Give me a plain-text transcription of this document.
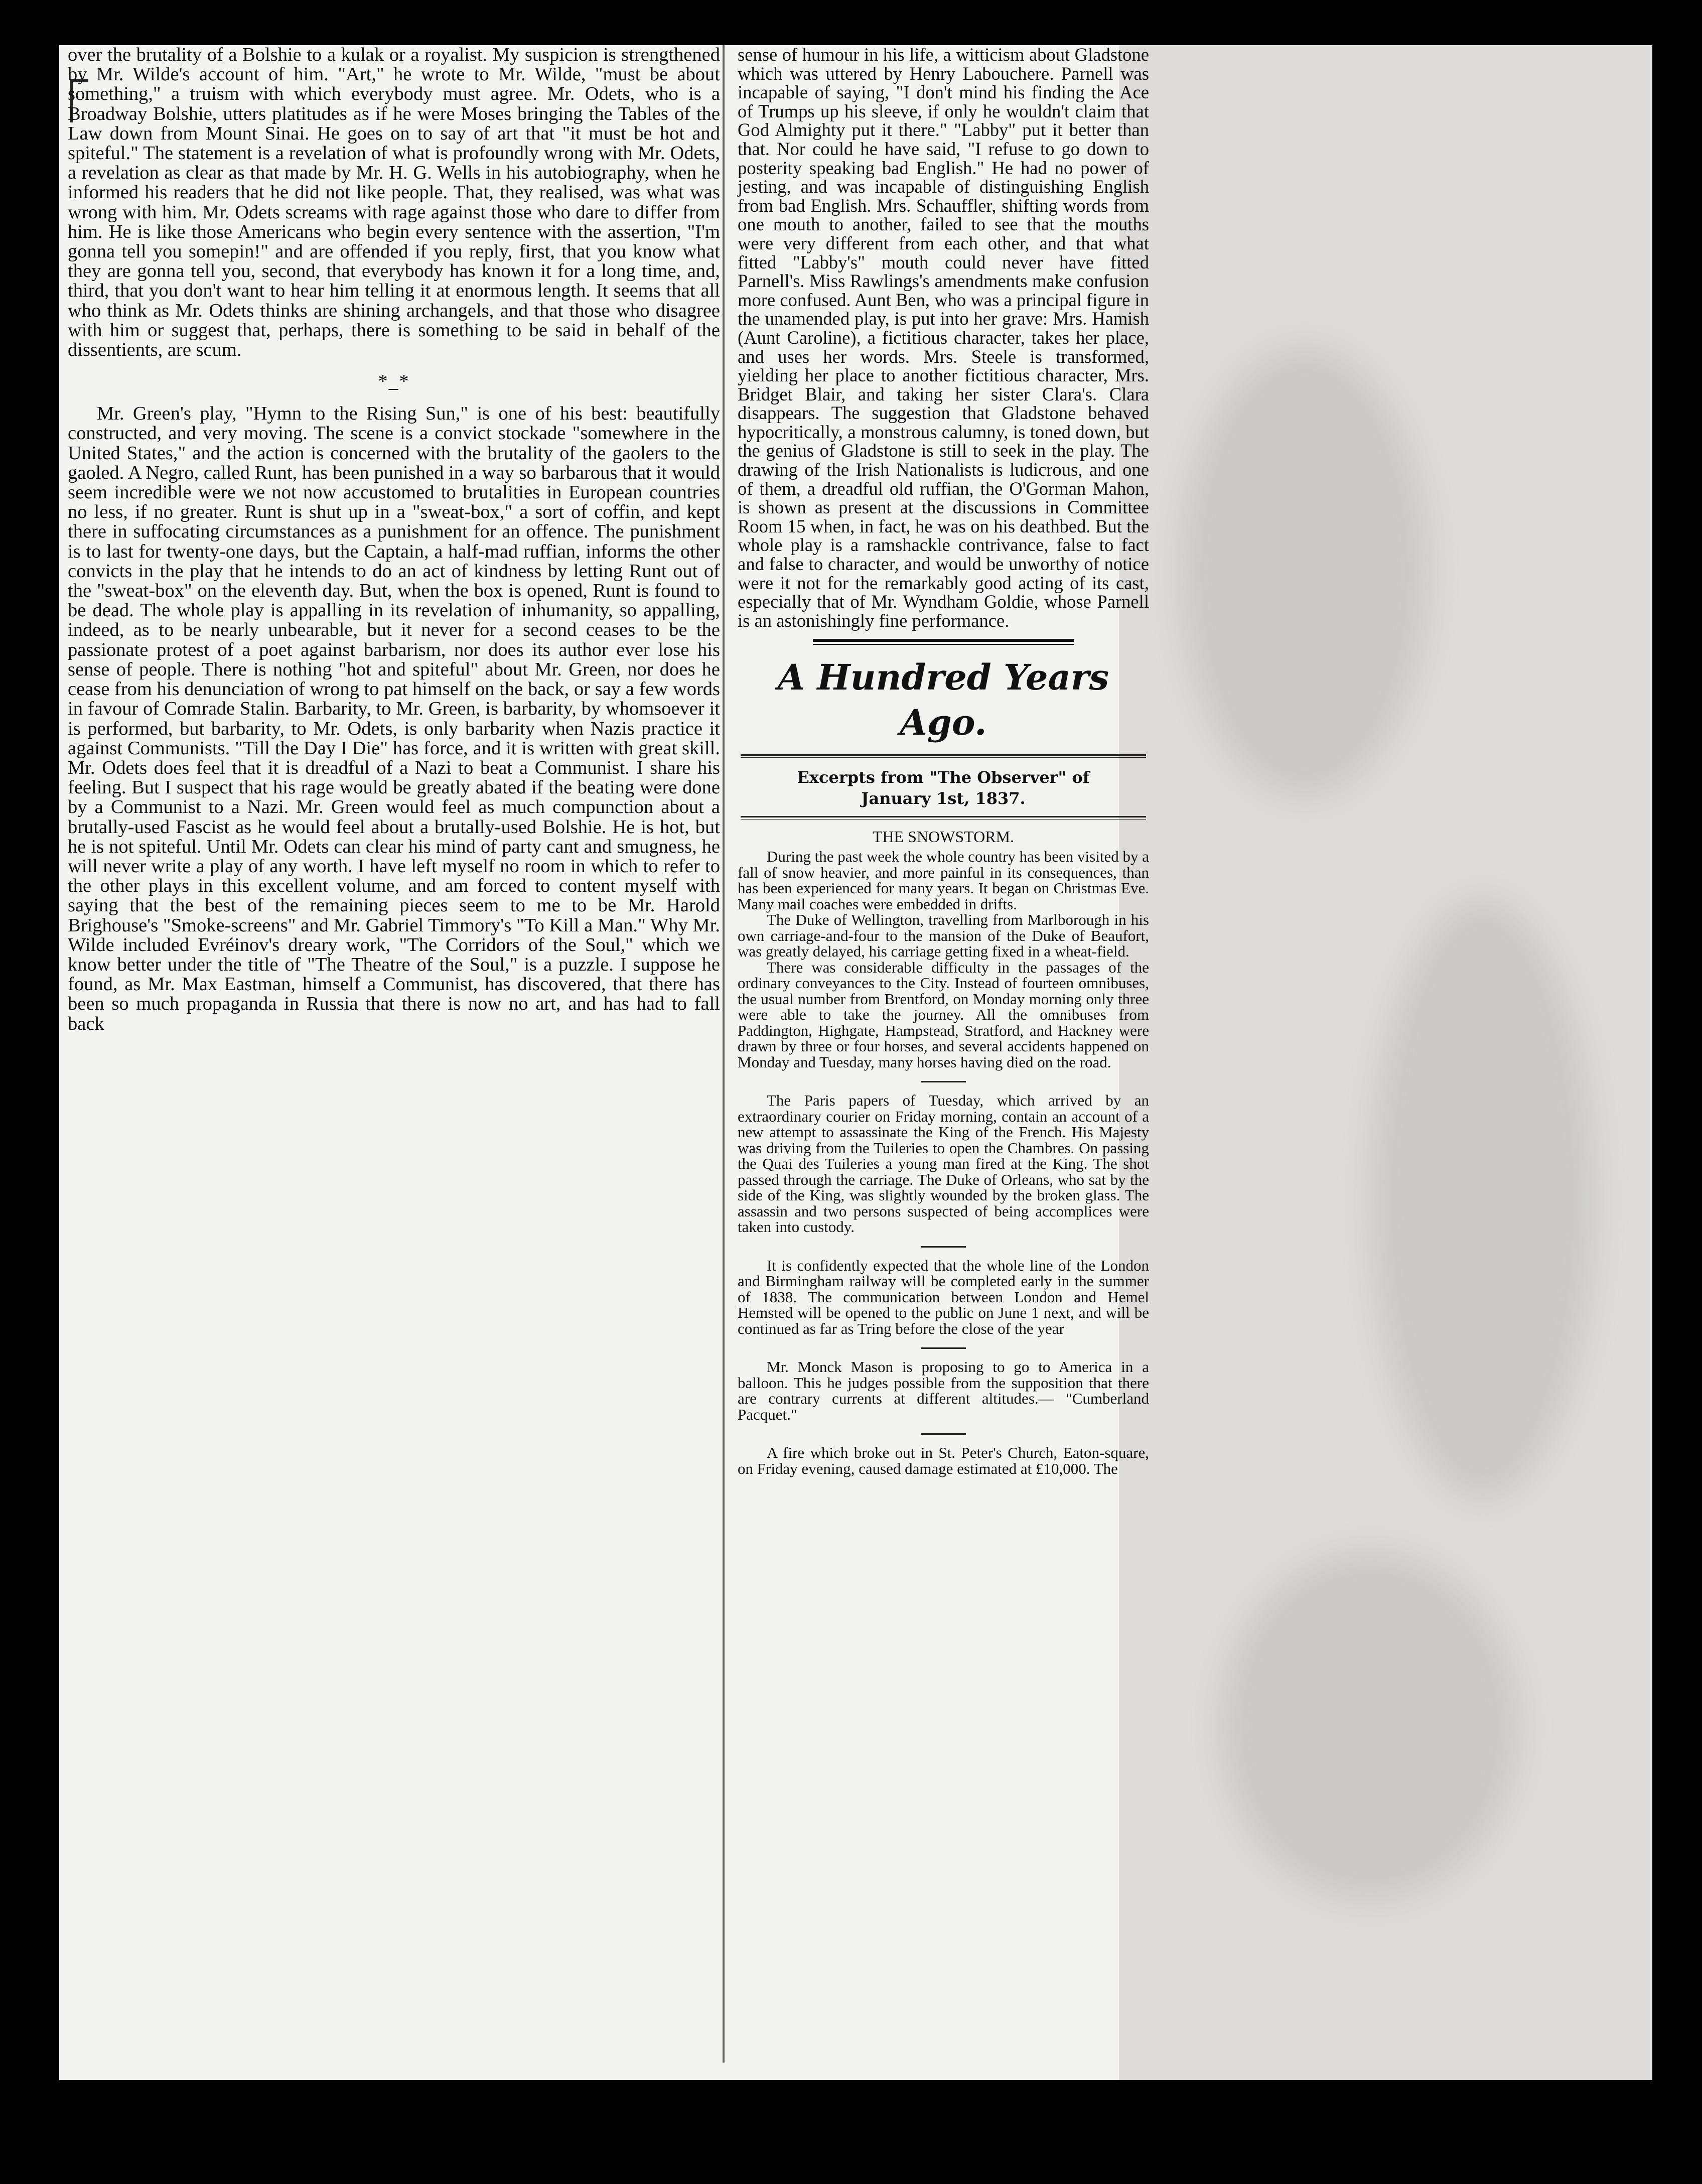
over the brutality of a Bolshie to a kulak or a royalist. My suspicion is strengthened by Mr. Wilde's account of him. "Art," he wrote to Mr. Wilde, "must be about something," a truism with which everybody must agree. Mr. Odets, who is a Broadway Bolshie, utters platitudes as if he were Moses bringing the Tables of the Law down from Mount Sinai. He goes on to say of art that "it must be hot and spiteful." The statement is a revelation of what is profoundly wrong with Mr. Odets, a revelation as clear as that made by Mr. H. G. Wells in his autobiography, when he informed his readers that he did not like people. That, they realised, was what was wrong with him. Mr. Odets screams with rage against those who dare to differ from him. He is like those Americans who begin every sentence with the assertion, "I'm gonna tell you somepin!" and are offended if you reply, first, that you know what they are gonna tell you, second, that everybody has known it for a long time, and, third, that you don't want to hear him telling it at enormous length. It seems that all who think as Mr. Odets thinks are shining archangels, and that those who disagree with him or suggest that, perhaps, there is something to be said in behalf of the dissentients, are scum.

*_*

Mr. Green's play, "Hymn to the Rising Sun," is one of his best: beautifully constructed, and very moving. The scene is a convict stockade "somewhere in the United States," and the action is concerned with the brutality of the gaolers to the gaoled. A Negro, called Runt, has been punished in a way so barbarous that it would seem incredible were we not now accustomed to brutalities in European countries no less, if no greater. Runt is shut up in a "sweat-box," a sort of coffin, and kept there in suffocating circumstances as a punishment for an offence. The punishment is to last for twenty-one days, but the Captain, a half-mad ruffian, informs the other convicts in the play that he intends to do an act of kindness by letting Runt out of the "sweat-box" on the eleventh day. But, when the box is opened, Runt is found to be dead. The whole play is appalling in its revelation of inhumanity, so appalling, indeed, as to be nearly unbearable, but it never for a second ceases to be the passionate protest of a poet against barbarism, nor does its author ever lose his sense of people. There is nothing "hot and spiteful" about Mr. Green, nor does he cease from his denunciation of wrong to pat himself on the back, or say a few words in favour of Comrade Stalin. Barbarity, to Mr. Green, is barbarity, by whomsoever it is performed, but barbarity, to Mr. Odets, is only barbarity when Nazis practice it against Communists. "Till the Day I Die" has force, and it is written with great skill. Mr. Odets does feel that it is dreadful of a Nazi to beat a Communist. I share his feeling. But I suspect that his rage would be greatly abated if the beating were done by a Communist to a Nazi. Mr. Green would feel as much compunction about a brutally-used Fascist as he would feel about a brutally-used Bolshie. He is hot, but he is not spiteful. Until Mr. Odets can clear his mind of party cant and smugness, he will never write a play of any worth. I have left myself no room in which to refer to the other plays in this excellent volume, and am forced to content myself with saying that the best of the remaining pieces seem to me to be Mr. Harold Brighouse's "Smoke-screens" and Mr. Gabriel Timmory's "To Kill a Man." Why Mr. Wilde included Evréinov's dreary work, "The Corridors of the Soul," which we know better under the title of "The Theatre of the Soul," is a puzzle. I suppose he found, as Mr. Max Eastman, himself a Communist, has discovered, that there has been so much propaganda in Russia that there is now no art, and has had to fall back

sense of humour in his life, a witticism about Gladstone which was uttered by Henry Labouchere. Parnell was incapable of saying, "I don't mind his finding the Ace of Trumps up his sleeve, if only he wouldn't claim that God Almighty put it there." "Labby" put it better than that. Nor could he have said, "I refuse to go down to posterity speaking bad English." He had no power of jesting, and was incapable of distinguishing English from bad English. Mrs. Schauffler, shifting words from one mouth to another, failed to see that the mouths were very different from each other, and that what fitted "Labby's" mouth could never have fitted Parnell's. Miss Rawlings's amendments make confusion more confused. Aunt Ben, who was a principal figure in the unamended play, is put into her grave: Mrs. Hamish (Aunt Caroline), a fictitious character, takes her place, and uses her words. Mrs. Steele is transformed, yielding her place to another fictitious character, Mrs. Bridget Blair, and taking her sister Clara's. Clara disappears. The suggestion that Gladstone behaved hypocritically, a monstrous calumny, is toned down, but the genius of Gladstone is still to seek in the play. The drawing of the Irish Nationalists is ludicrous, and one of them, a dreadful old ruffian, the O'Gorman Mahon, is shown as present at the discussions in Committee Room 15 when, in fact, he was on his deathbed. But the whole play is a ramshackle contrivance, false to fact and false to character, and would be unworthy of notice were it not for the remarkably good acting of its cast, especially that of Mr. Wyndham Goldie, whose Parnell is an astonishingly fine performance.

A Hundred Years Ago.
Excerpts from "The Observer" of
January 1st, 1837.

THE SNOWSTORM.

During the past week the whole country has been visited by a fall of snow heavier, and more painful in its consequences, than has been experienced for many years. It began on Christmas Eve. Many mail coaches were embedded in drifts.

The Duke of Wellington, travelling from Marlborough in his own carriage-and-four to the mansion of the Duke of Beaufort, was greatly delayed, his carriage getting fixed in a wheat-field.

There was considerable difficulty in the passages of the ordinary conveyances to the City. Instead of fourteen omnibuses, the usual number from Brentford, on Monday morning only three were able to take the journey. All the omnibuses from Paddington, Highgate, Hampstead, Stratford, and Hackney were drawn by three or four horses, and several accidents happened on Monday and Tuesday, many horses having died on the road.

The Paris papers of Tuesday, which arrived by an extraordinary courier on Friday morning, contain an account of a new attempt to assassinate the King of the French. His Majesty was driving from the Tuileries to open the Chambres. On passing the Quai des Tuileries a young man fired at the King. The shot passed through the carriage. The Duke of Orleans, who sat by the side of the King, was slightly wounded by the broken glass. The assassin and two persons suspected of being accomplices were taken into custody.

It is confidently expected that the whole line of the London and Birmingham railway will be completed early in the summer of 1838. The communication between London and Hemel Hemsted will be opened to the public on June 1 next, and will be continued as far as Tring before the close of the year

Mr. Monck Mason is proposing to go to America in a balloon. This he judges possible from the supposition that there are contrary currents at different altitudes.— "Cumberland Pacquet."

A fire which broke out in St. Peter's Church, Eaton-square, on Friday evening, caused damage estimated at £10,000. The
